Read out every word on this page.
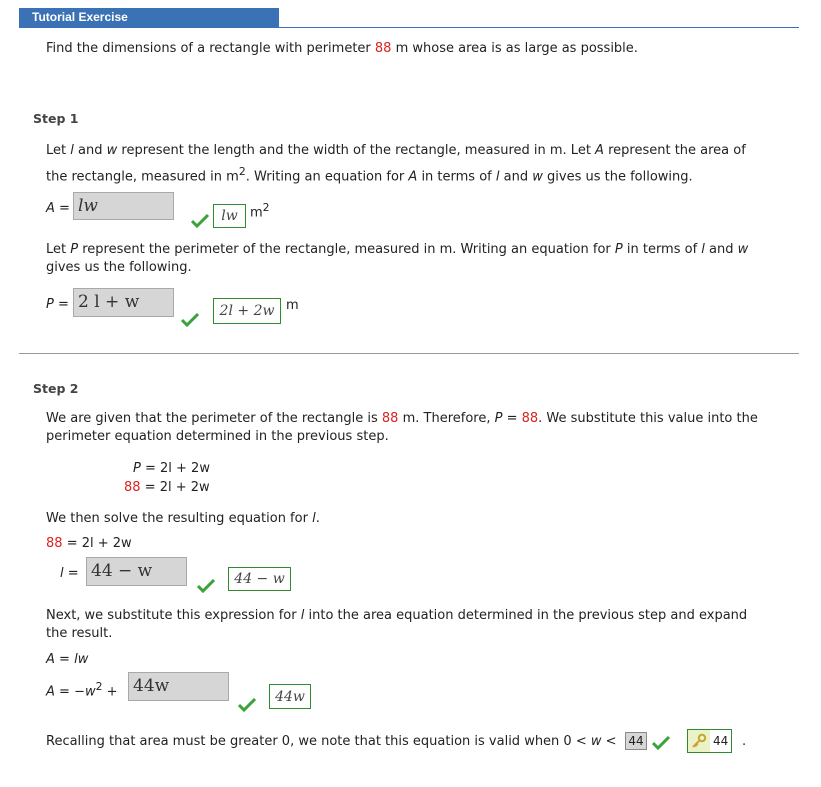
Tutorial Exercise
Find the dimensions of a rectangle with perimeter 88 m whose area is as large as possible.
Step 1
Let l and w represent the length and the width of the rectangle, measured in m. Let A represent the area of the rectangle, measured in $m^2$. Writing an equation for A in terms of l and w gives us the following.
A = lw	lw $m^2$
Let P represent the perimeter of the rectangle, measured in m. Writing an equation for P in terms of l and w gives us the following.
P = 2 l + w	2l + 2w m
Step 2
We are given that the perimeter of the rectangle is 88 m. Therefore, P = 88. We substitute this value into the perimeter equation determined in the previous step.
P = 2l + 2w
88 = 2l + 2w
We then solve the resulting equation for l.
88 = 2l + 2w
l = 44 − w	44 − w
Next, we substitute this expression for l into the area equation determined in the previous step and expand the result.
A = lw
$A = -w^2 + 44w$
44w
Recalling that area must be greater 0, we note that this equation is valid when 0 < w < 44	44 .
